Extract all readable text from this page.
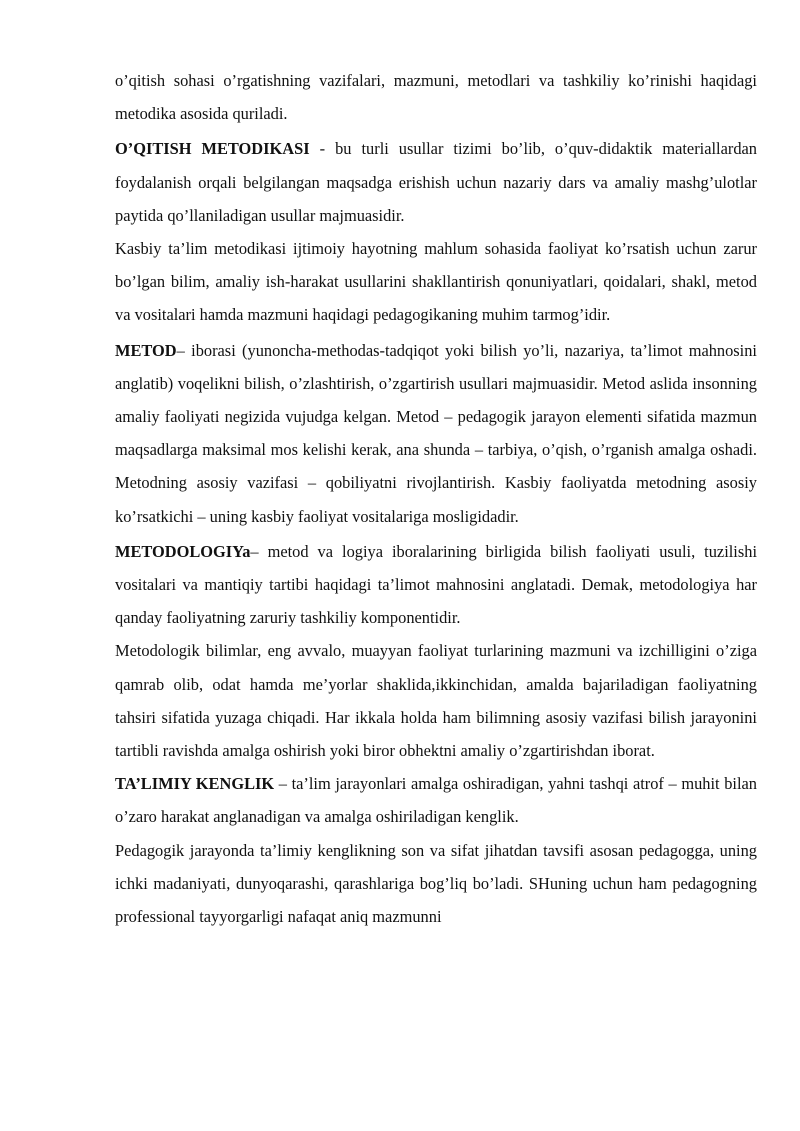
o’qitish sohasi o’rgatishning vazifalari, mazmuni, metodlari va tashkiliy ko’rinishi haqidagi metodika asosida quriladi.

O’QITISH METODIKASI - bu turli usullar tizimi bo’lib, o’quv-didaktik materiallardan foydalanish orqali belgilangan maqsadga erishish uchun nazariy dars va amaliy mashg’ulotlar paytida qo’llaniladigan usullar majmuasidir.

Kasbiy ta’lim metodikasi ijtimoiy hayotning mahlum sohasida faoliyat ko’rsatish uchun zarur bo’lgan bilim, amaliy ish-harakat usullarini shakllantirish qonuniyatlari, qoidalari, shakl, metod va vositalari hamda mazmuni haqidagi pedagogikaning muhim tarmog’idir.

METOD– iborasi (yunoncha-methodas-tadqiqot yoki bilish yo’li, nazariya, ta’limot mahnosini anglatib) voqelikni bilish, o’zlashtirish, o’zgartirish usullari majmuasidir. Metod aslida insonning amaliy faoliyati negizida vujudga kelgan. Metod – pedagogik jarayon elementi sifatida mazmun maqsadlarga maksimal mos kelishi kerak, ana shunda – tarbiya, o’qish, o’rganish amalga oshadi. Metodning asosiy vazifasi – qobiliyatni rivojlantirish. Kasbiy faoliyatda metodning asosiy ko’rsatkichi – uning kasbiy faoliyat vositalariga mosligidadir.

METODOLOGIYa– metod va logiya iboralarining birligida bilish faoliyati usuli, tuzilishi vositalari va mantiqiy tartibi haqidagi ta’limot mahnosini anglatadi. Demak, metodologiya har qanday faoliyatning zaruriy tashkiliy komponentidir.

Metodologik bilimlar, eng avvalo, muayyan faoliyat turlarining mazmuni va izchilligini o’ziga qamrab olib, odat hamda me’yorlar shaklida,ikkinchidan, amalda bajariladigan faoliyatning tahsiri sifatida yuzaga chiqadi. Har ikkala holda ham bilimning asosiy vazifasi bilish jarayonini tartibli ravishda amalga oshirish yoki biror obhektni amaliy o’zgartirishdan iborat.

TA’LIMIY KENGLIK – ta’lim jarayonlari amalga oshiradigan, yahni tashqi atrof – muhit bilan o’zaro harakat anglanadigan va amalga oshiriladigan kenglik.

Pedagogik jarayonda ta’limiy kenglikning son va sifat jihatdan tavsifi asosan pedagogga, uning ichki madaniyati, dunyoqarashi, qarashlariga bog’liq bo’ladi. SHuning uchun ham pedagogning professional tayyorgarligi nafaqat aniq mazmunni
